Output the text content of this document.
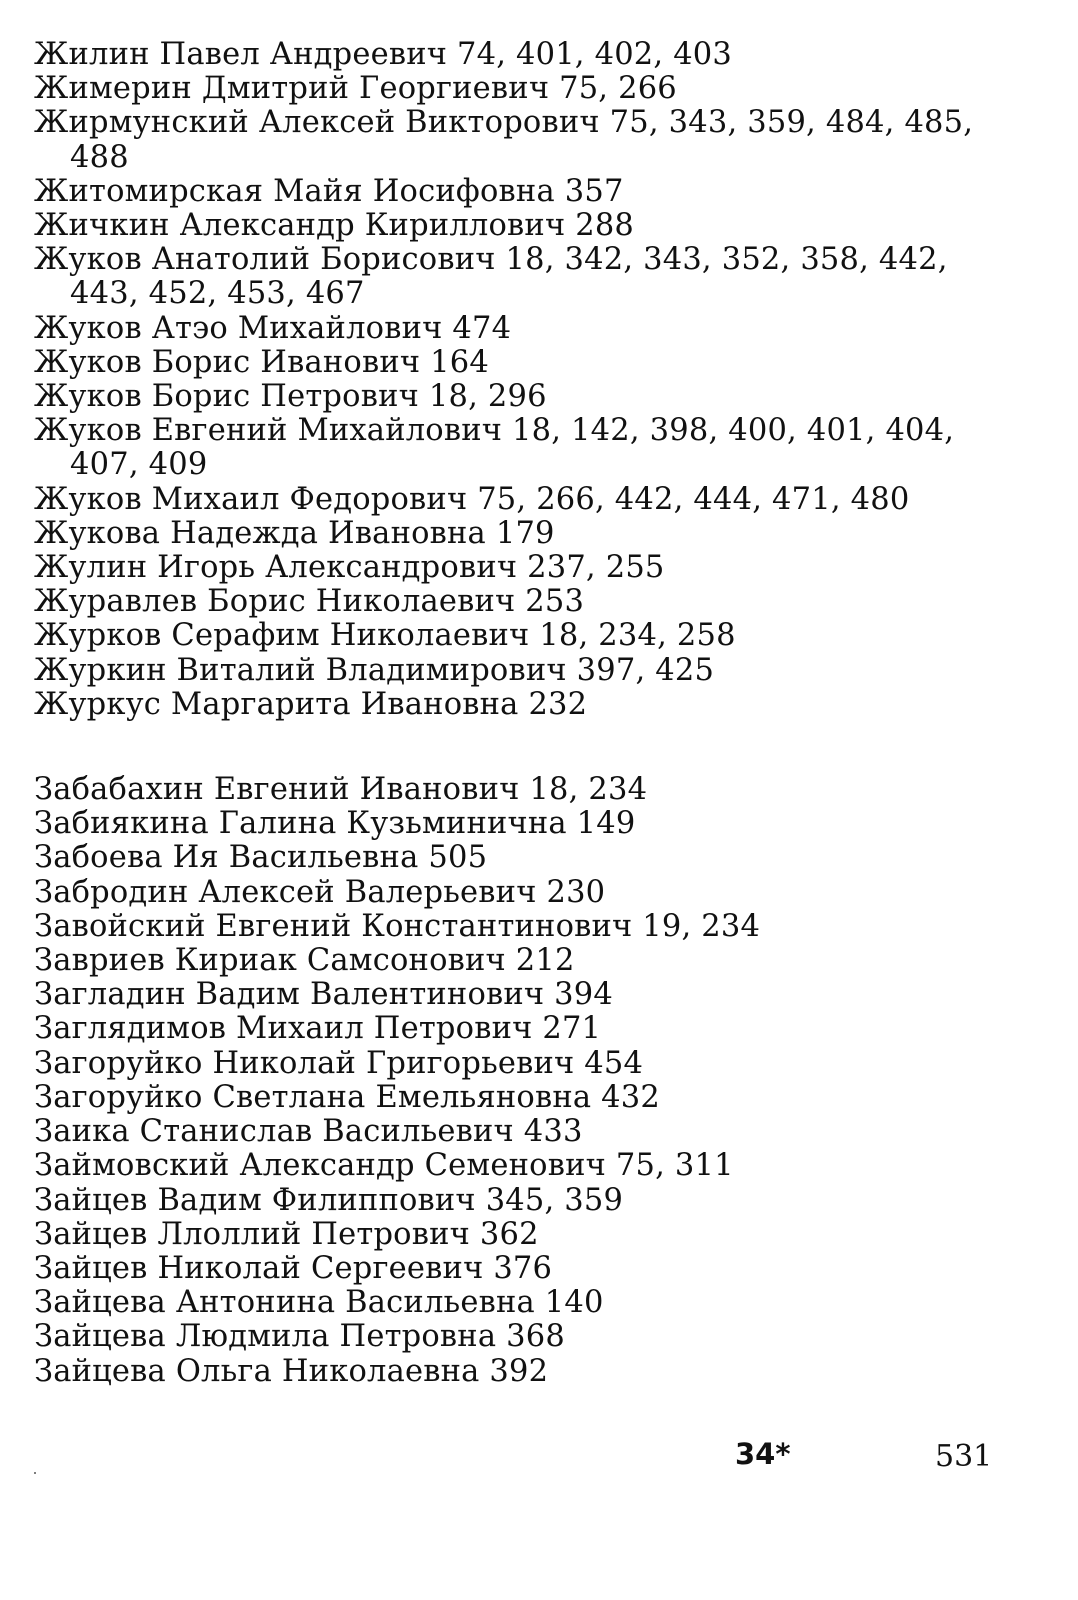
Жилин Павел Андреевич 74, 401, 402, 403
Жимерин Дмитрий Георгиевич 75, 266
Жирмунский Алексей Викторович 75, 343, 359, 484, 485, 488
Житомирская Майя Иосифовна 357
Жичкин Александр Кириллович 288
Жуков Анатолий Борисович 18, 342, 343, 352, 358, 442, 443, 452, 453, 467
Жуков Атэо Михайлович 474
Жуков Борис Иванович 164
Жуков Борис Петрович 18, 296
Жуков Евгений Михайлович 18, 142, 398, 400, 401, 404, 407, 409
Жуков Михаил Федорович 75, 266, 442, 444, 471, 480
Жукова Надежда Ивановна 179
Жулин Игорь Александрович 237, 255
Журавлев Борис Николаевич 253
Журков Серафим Николаевич 18, 234, 258
Журкин Виталий Владимирович 397, 425
Журкус Маргарита Ивановна 232
Забабахин Евгений Иванович 18, 234
Забиякина Галина Кузьминична 149
Забоева Ия Васильевна 505
Забродин Алексей Валерьевич 230
Завойский Евгений Константинович 19, 234
Завриев Кириак Самсонович 212
Загладин Вадим Валентинович 394
Заглядимов Михаил Петрович 271
Загоруйко Николай Григорьевич 454
Загоруйко Светлана Емельяновна 432
Заика Станислав Васильевич 433
Займовский Александр Семенович 75, 311
Зайцев Вадим Филиппович 345, 359
Зайцев Ллоллий Петрович 362
Зайцев Николай Сергеевич 376
Зайцева Антонина Васильевна 140
Зайцева Людмила Петровна 368
Зайцева Ольга Николаевна 392
34*	531
